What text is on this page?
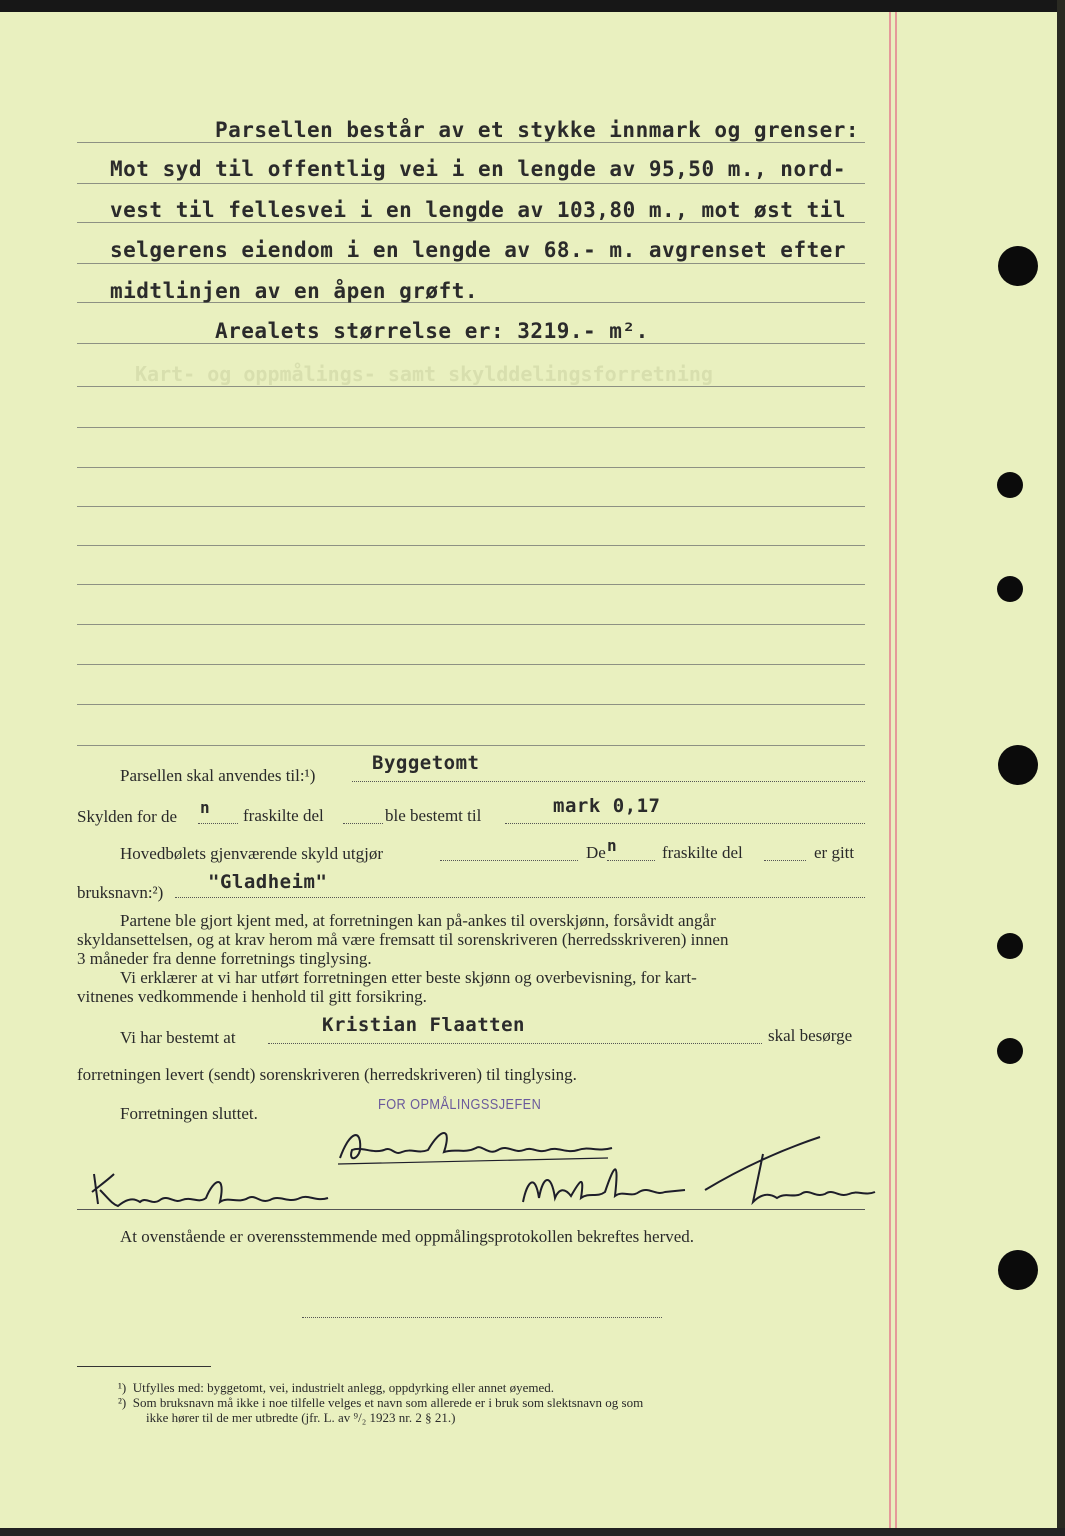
Kart- og oppmålings- samt skylddelingsforretning
Parsellen består av et stykke innmark og grenser:
Mot syd til offentlig vei i en lengde av 95,50 m., nord-
vest til fellesvei i en lengde av 103,80 m., mot øst til
selgerens eiendom i en lengde av 68.- m. avgrenset efter
midtlinjen av en åpen grøft.
Arealets størrelse er: 3219.- m².
Parsellen skal anvendes til:¹)
Byggetomt
Skylden for de n fraskilte del	ble bestemt til	mark 0,17
Hovedbølets gjenværende skyld utgjør	De n	fraskilte del	er gitt
bruksnavn:²) "Gladheim"
Partene ble gjort kjent med, at forretningen kan på-ankes til overskjønn, forsåvidt angår
skyldansettelsen, og at krav herom må være fremsatt til sorenskriveren (herredsskriveren) innen
3 måneder fra denne forretnings tinglysing.
Vi erklærer at vi har utført forretningen etter beste skjønn og overbevisning, for kart-
vitnenes vedkommende i henhold til gitt forsikring.
Vi har bestemt at
Kristian Flaatten	skal besørge
forretningen levert (sendt) sorenskriveren (herredskriveren) til tinglysing.
Forretningen sluttet.	FOR OPMÅLINGSSJEFEN
At ovenstående er overensstemmende med oppmålingsprotokollen bekreftes herved.
¹)  Utfylles med: byggetomt, vei, industrielt anlegg, oppdyrking eller annet øyemed.
²)  Som bruksnavn må ikke i noe tilfelle velges et navn som allerede er i bruk som slektsnavn og som
ikke hører til de mer utbredte (jfr. L. av ⁹/₂ 1923 nr. 2 § 21.)
